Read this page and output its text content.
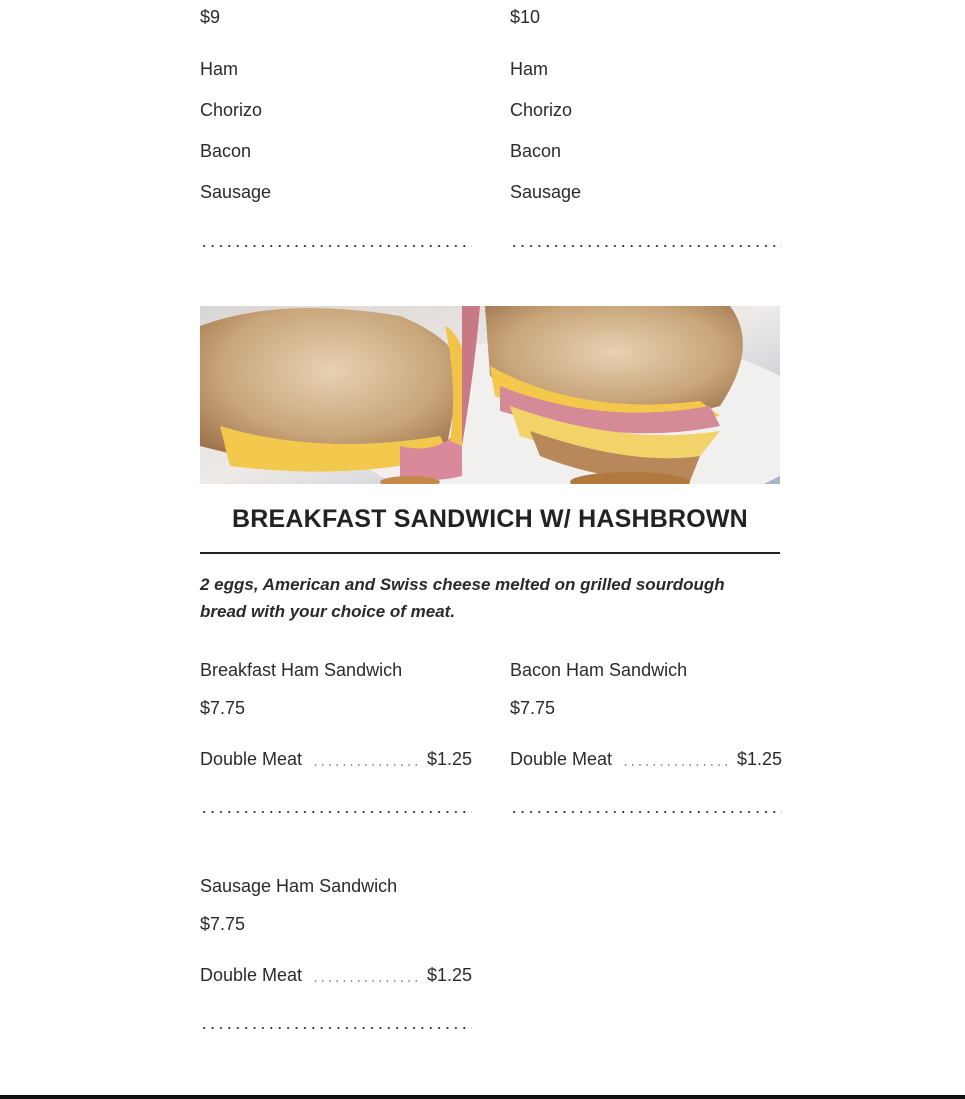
$9	$10
Ham
Chorizo
Bacon
Sausage
Ham
Chorizo
Bacon
Sausage
BREAKFAST SANDWICH W/ HASHBROWN
2 eggs, American and Swiss cheese melted on grilled sourdough bread with your choice of meat.
Breakfast Ham Sandwich
$7.75
Double Meat	$1.25
Bacon Ham Sandwich
$7.75
Double Meat	$1.25
Sausage Ham Sandwich
$7.75
Double Meat	$1.25
